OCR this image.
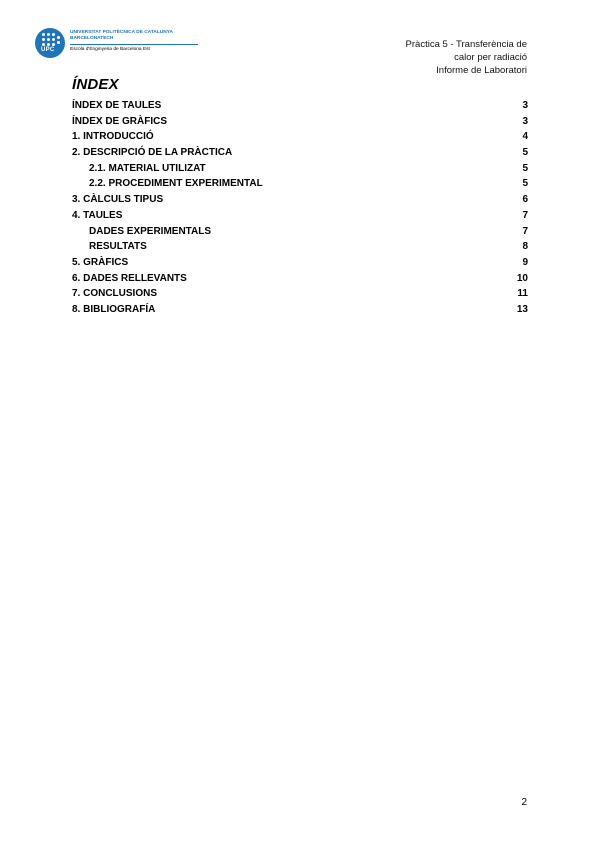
UPC
UNIVERSITAT POLITÈCNICA DE CATALUNYA
BARCELONATECH
Escola d'Enginyeria de Barcelona Est	Pràctica 5 - Transferència de
calor per radiació
Informe de Laboratori
ÍNDEX
ÍNDEX DE TAULES	3
ÍNDEX DE GRÀFICS	3
1. INTRODUCCIÓ	4
2. DESCRIPCIÓ DE LA PRÀCTICA	5
2.1. MATERIAL UTILIZAT	5
2.2. PROCEDIMENT EXPERIMENTAL	5
3. CÀLCULS TIPUS	6
4. TAULES	7
DADES EXPERIMENTALS	7
RESULTATS	8
5. GRÀFICS	9
6. DADES RELLEVANTS	10
7. CONCLUSIONS	11
8. BIBLIOGRAFÍA	13
2
